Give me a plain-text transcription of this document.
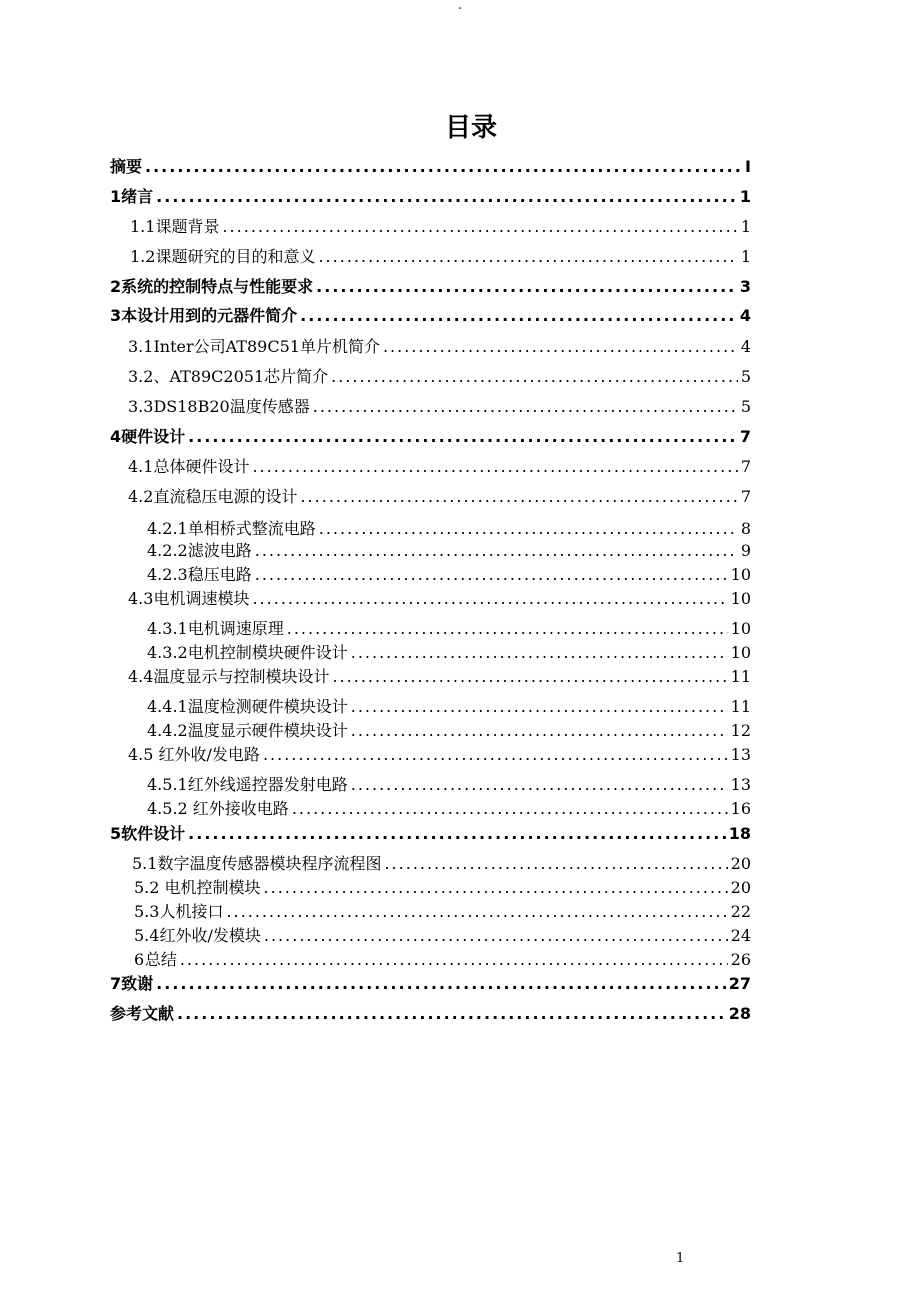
-
目录
摘要 .....	I
1 绪言 .....	1
1.1 课题背景 .....	1
1.2 课题研究的目的和意义 .....	1
2 系统的控制特点与性能要求 .....	3
3 本设计用到的元器件简介 .....	4
3.1 Inter公司AT89C51单片机简介 .....	4
3.2、AT89C2051芯片简介 .....	5
3.3 DS18B20温度传感器 .....	5
4 硬件设计 .....	7
4.1 总体硬件设计 .....	7
4.2 直流稳压电源的设计 .....	7
4.2.1 单相桥式整流电路 .....	8
4.2.2 滤波电路 .....	9
4.2.3 稳压电路 .....	10
4.3 电机调速模块 .....	10
4.3.1 电机调速原理 .....	10
4.3.2 电机控制模块硬件设计 .....	10
4.4 温度显示与控制模块设计 .....	11
4.4.1 温度检测硬件模块设计 .....	11
4.4.2 温度显示硬件模块设计 .....	12
4.5 红外收/发电路 .....	13
4.5.1 红外线遥控器发射电路 .....	13
4.5.2 红外接收电路 .....	16
5 软件设计 .....	18
5.1 数字温度传感器模块程序流程图 .....	20
5.2 电机控制模块 .....	20
5.3 人机接口 .....	22
5.4 红外收/发模块 .....	24
6 总结 .....	26
7 致谢 .....	27
参考文献 .....	28
1
